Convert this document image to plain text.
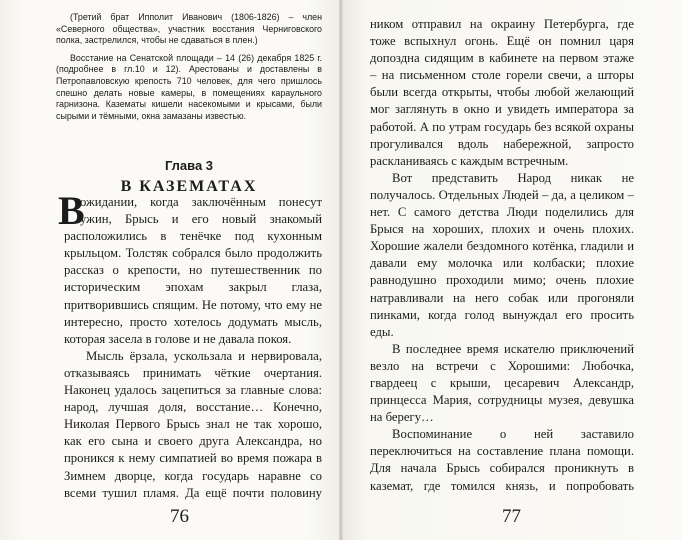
(Третий брат Ипполит Иванович (1806-1826) – член «Северного общества», участник восстания Черниговского полка, застрелился, чтобы не сдаваться в плен.)

Восстание на Сенатской площади – 14 (26) декабря 1825 г. (подробнее в гл.10 и 12). Арестованы и доставлены в Петропавловскую крепость 710 человек, для чего пришлось спешно делать новые камеры, в помещениях караульного гарнизона. Казематы кишели насекомыми и крысами, были сырыми и тёмными, окна замазаны известью.

Глава 3
В КАЗЕМАТАХ
В

ожидании, когда заключённым понесут ужин, Брысь и его новый знакомый расположились в тенёчке под кухонным крыльцом. Толстяк собрался было продолжить рассказ о крепости, но путешественник по историческим эпохам закрыл глаза, притворившись спящим. Не потому, что ему не интересно, просто хотелось додумать мысль, которая засела в голове и не давала покоя.

Мысль ёрзала, ускользала и нервировала, отказываясь принимать чёткие очертания. Наконец удалось зацепиться за главные слова: народ, лучшая доля, восстание… Конечно, Николая Первого Брысь знал не так хорошо, как его сына и своего друга Александра, но проникся к нему симпатией во время пожара в Зимнем дворце, когда государь наравне со всеми тушил пламя. Да ещё почти половину

76

ником отправил на окраину Петербурга, где тоже вспыхнул огонь. Ещё он помнил царя допоздна сидящим в кабинете на первом этаже – на письменном столе горели свечи, а шторы были всегда открыты, чтобы любой желающий мог заглянуть в окно и увидеть императора за работой. А по утрам государь без всякой охраны прогуливался вдоль набережной, запросто раскланиваясь с каждым встречным.

Вот представить Народ никак не получалось. Отдельных Людей – да, а целиком – нет. С самого детства Люди поделились для Брыся на хороших, плохих и очень плохих. Хорошие жалели бездомного котёнка, гладили и давали ему молочка или колбаски; плохие равнодушно проходили мимо; очень плохие натравливали на него собак или прогоняли пинками, когда голод вынуждал его просить еды.

В последнее время искателю приключений везло на встречи с Хорошими: Любочка, гвардеец с крыши, цесаревич Александр, принцесса Мария, сотрудницы музея, девушка на берегу…

Воспоминание о ней заставило переключиться на составление плана помощи. Для начала Брысь собирался проникнуть в каземат, где томился князь, и попробовать

77
